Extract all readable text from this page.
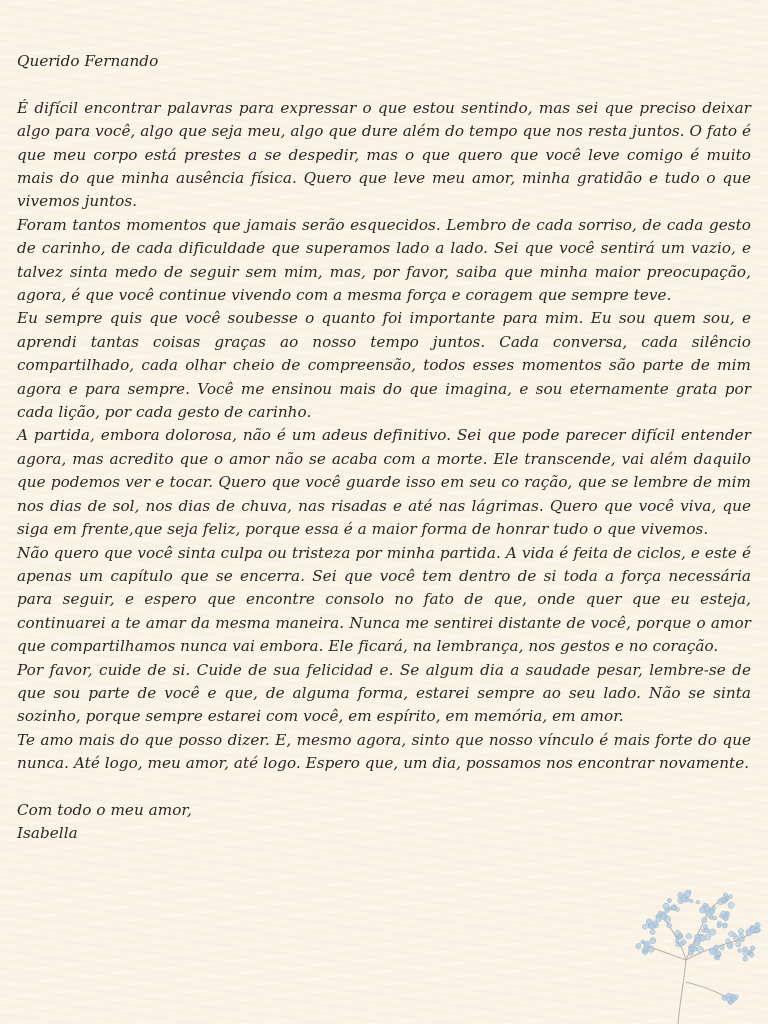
Querido Fernando

É difícil encontrar palavras para expressar o que estou sentindo, mas sei que preciso deixar algo para você, algo que seja meu, algo que dure além do tempo que nos resta juntos. O fato é que meu corpo está prestes a se despedir, mas o que quero que você leve comigo é muito mais do que minha ausência física. Quero que leve meu amor, minha gratidão e tudo o que vivemos juntos.

Foram tantos momentos que jamais serão esquecidos. Lembro de cada sorriso, de cada gesto de carinho, de cada dificuldade que superamos lado a lado. Sei que você sentirá um vazio, e talvez sinta medo de seguir sem mim, mas, por favor, saiba que minha maior preocupação, agora, é que você continue vivendo com a mesma força e coragem que sempre teve.

Eu sempre quis que você soubesse o quanto foi importante para mim. Eu sou quem sou, e aprendi tantas coisas graças ao nosso tempo juntos. Cada conversa, cada silêncio compartilhado, cada olhar cheio de compreensão, todos esses momentos são parte de mim agora e para sempre. Você me ensinou mais do que imagina, e sou eternamente grata por cada lição, por cada gesto de carinho.

A partida, embora dolorosa, não é um adeus definitivo. Sei que pode parecer difícil entender agora, mas acredito que o amor não se acaba com a morte. Ele transcende, vai além daquilo que podemos ver e tocar. Quero que você guarde isso em seu co ração, que se lembre de mim nos dias de sol, nos dias de chuva, nas risadas e até nas lágrimas. Quero que você viva, que siga em frente,que seja feliz, porque essa é a maior forma de honrar tudo o que vivemos.

Não quero que você sinta culpa ou tristeza por minha partida. A vida é feita de ciclos, e este é apenas um capítulo que se encerra. Sei que você tem dentro de si toda a força necessária para seguir, e espero que encontre consolo no fato de que, onde quer que eu esteja, continuarei a te amar da mesma maneira. Nunca me sentirei distante de você, porque o amor que compartilhamos nunca vai embora. Ele ficará, na lembrança, nos gestos e no coração.

Por favor, cuide de si. Cuide de sua felicidad e. Se algum dia a saudade pesar, lembre-se de que sou parte de você e que, de alguma forma, estarei sempre ao seu lado. Não se sinta sozinho, porque sempre estarei com você, em espírito, em memória, em amor.

Te amo mais do que posso dizer. E, mesmo agora, sinto que nosso vínculo é mais forte do que nunca. Até logo, meu amor, até logo. Espero que, um dia, possamos nos encontrar novamente.

Com todo o meu amor,
Isabella
